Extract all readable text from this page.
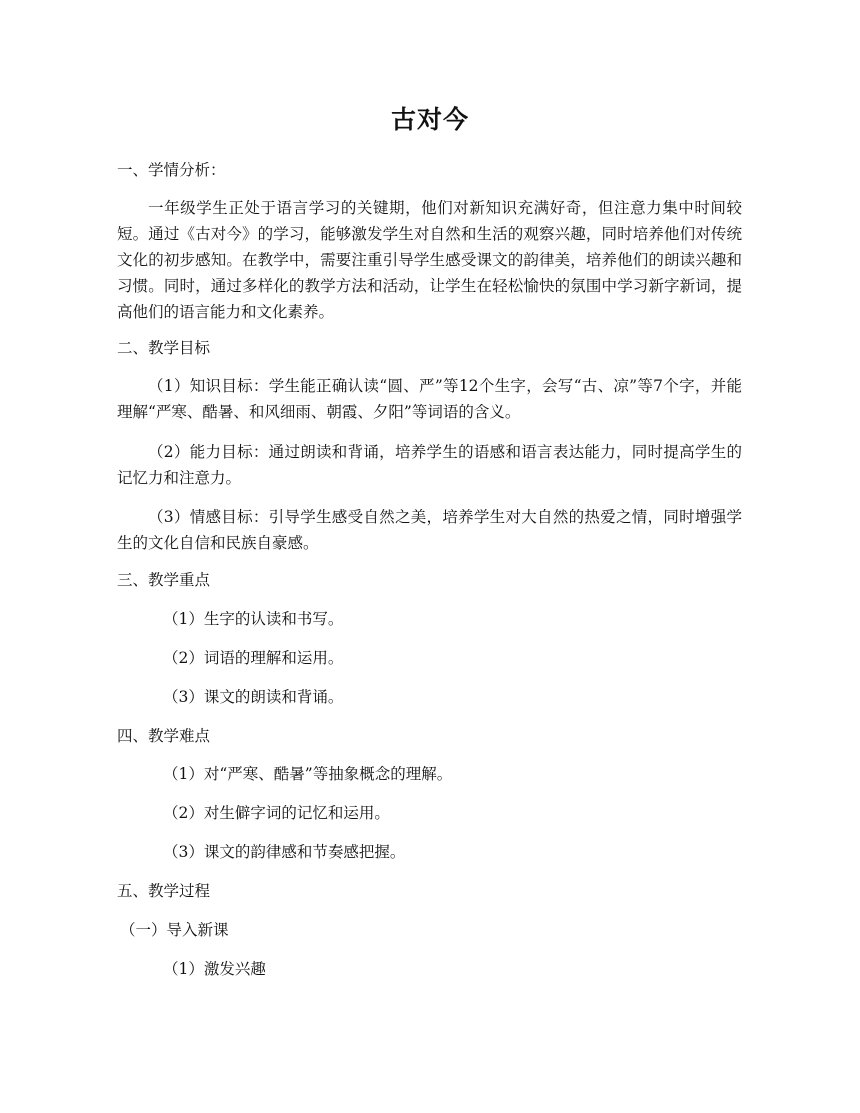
古对今

一、学情分析：

一年级学生正处于语言学习的关键期，他们对新知识充满好奇，但注意力集中时间较短。通过《古对今》的学习，能够激发学生对自然和生活的观察兴趣，同时培养他们对传统文化的初步感知。在教学中，需要注重引导学生感受课文的韵律美，培养他们的朗读兴趣和习惯。同时，通过多样化的教学方法和活动，让学生在轻松愉快的氛围中学习新字新词，提高他们的语言能力和文化素养。

二、教学目标

（1）知识目标：学生能正确认读“圆、严”等12个生字，会写“古、凉”等7个字，并能理解“严寒、酷暑、和风细雨、朝霞、夕阳”等词语的含义。

（2）能力目标：通过朗读和背诵，培养学生的语感和语言表达能力，同时提高学生的记忆力和注意力。

（3）情感目标：引导学生感受自然之美，培养学生对大自然的热爱之情，同时增强学生的文化自信和民族自豪感。

三、教学重点

（1）生字的认读和书写。

（2）词语的理解和运用。

（3）课文的朗读和背诵。

四、教学难点

（1）对“严寒、酷暑”等抽象概念的理解。

（2）对生僻字词的记忆和运用。

（3）课文的韵律感和节奏感把握。

五、教学过程

（一）导入新课

（1）激发兴趣
